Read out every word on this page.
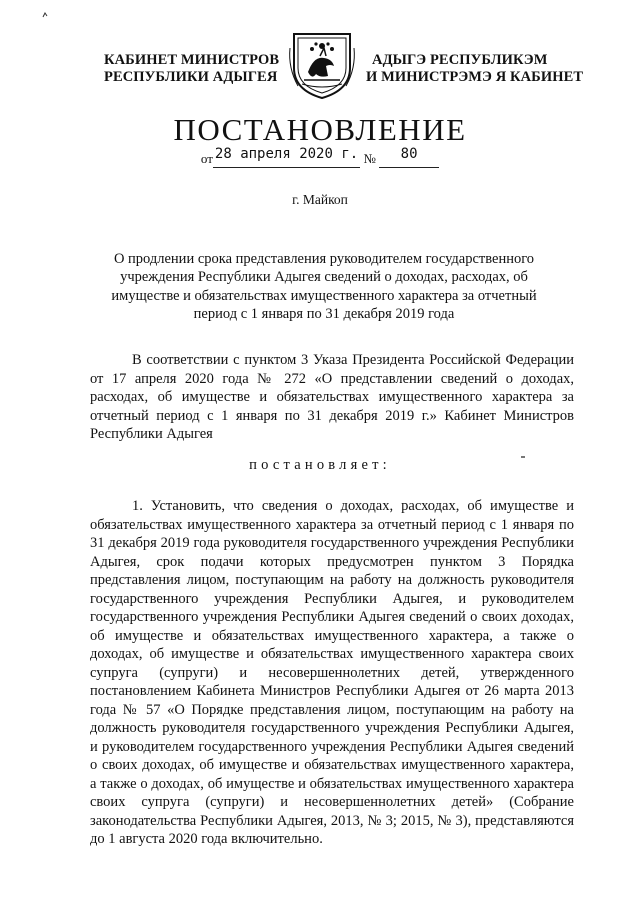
КАБИНЕТ МИНИСТРОВ
РЕСПУБЛИКИ АДЫГЕЯ
АДЫГЭ РЕСПУБЛИКЭМ
И МИНИСТРЭМЭ Я КАБИНЕТ
ПОСТАНОВЛЕНИЕ
от 28 апреля 2020 г. № 80
г. Майкоп
О продлении срока представления руководителем государственного учреждения Республики Адыгея сведений о доходах, расходах, об имуществе и обязательствах имущественного характера за отчетный период с 1 января по 31 декабря 2019 года
В соответствии с пунктом 3 Указа Президента Российской Федерации от 17 апреля 2020 года № 272 «О представлении сведений о доходах, расходах, об имуществе и обязательствах имущественного характера за отчетный период с 1 января по 31 декабря 2019 г.» Кабинет Министров Республики Адыгея
постановляет:
1. Установить, что сведения о доходах, расходах, об имуществе и обязательствах имущественного характера за отчетный период с 1 января по 31 декабря 2019 года руководителя государственного учреждения Республики Адыгея, срок подачи которых предусмотрен пунктом 3 Порядка представления лицом, поступающим на работу на должность руководителя государственного учреждения Республики Адыгея, и руководителем государственного учреждения Республики Адыгея сведений о своих доходах, об имуществе и обязательствах имущественного характера, а также о доходах, об имуществе и обязательствах имущественного характера своих супруга (супруги) и несовершеннолетних детей, утвержденного постановлением Кабинета Министров Республики Адыгея от 26 марта 2013 года № 57 «О Порядке представления лицом, поступающим на работу на должность руководителя государственного учреждения Республики Адыгея, и руководителем государственного учреждения Республики Адыгея сведений о своих доходах, об имуществе и обязательствах имущественного характера, а также о доходах, об имуществе и обязательствах имущественного характера своих супруга (супруги) и несовершеннолетних детей» (Собрание законодательства Республики Адыгея, 2013, № 3; 2015, № 3), представляются до 1 августа 2020 года включительно.
